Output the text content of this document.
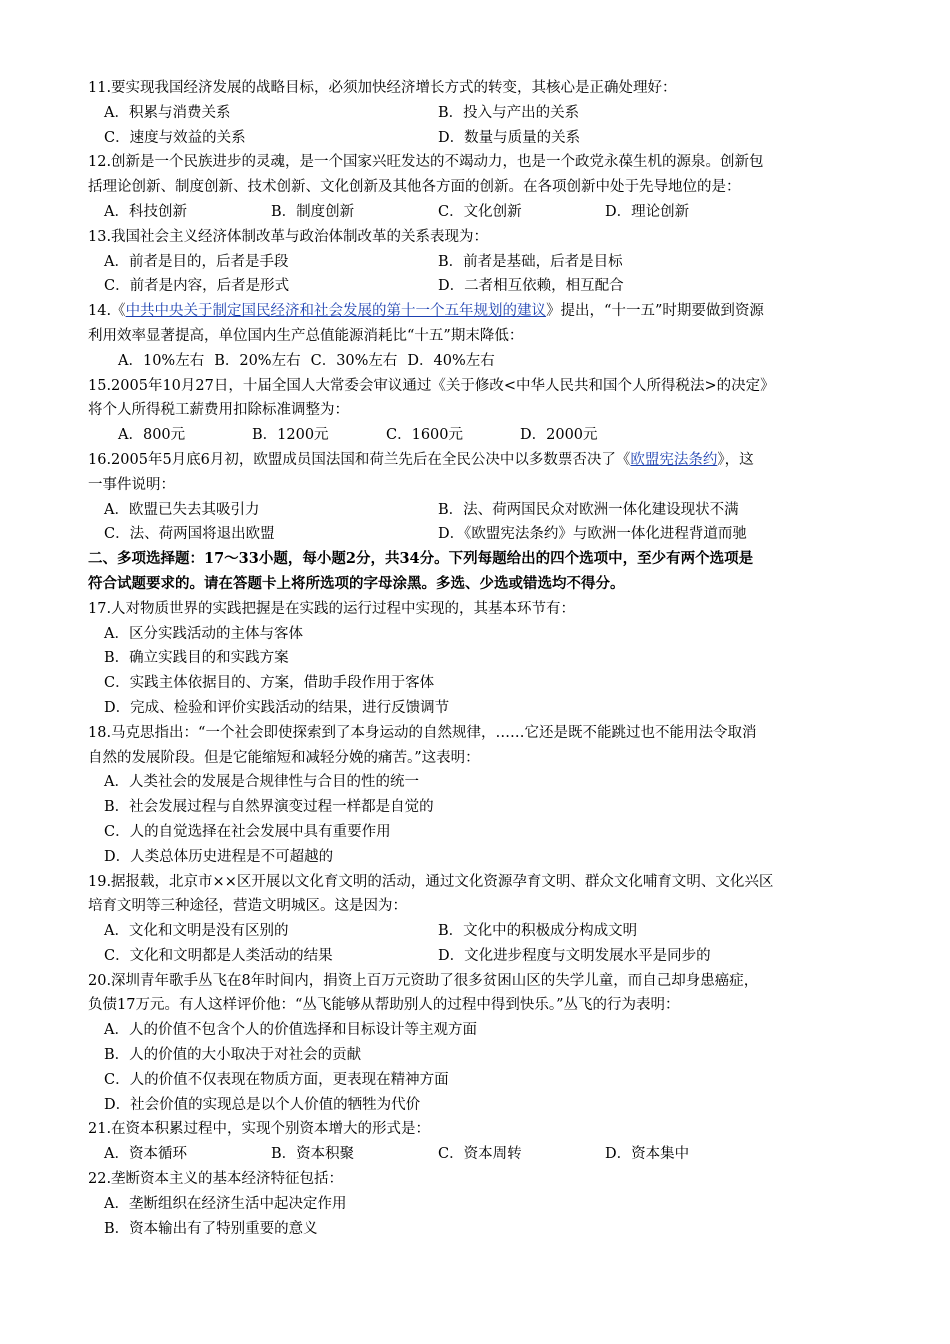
11.要实现我国经济发展的战略目标，必须加快经济增长方式的转变，其核心是正确处理好：
A．积累与消费关系	B．投入与产出的关系
C．速度与效益的关系	D．数量与质量的关系
12.创新是一个民族进步的灵魂，是一个国家兴旺发达的不竭动力，也是一个政党永葆生机的源泉。创新包
括理论创新、制度创新、技术创新、文化创新及其他各方面的创新。在各项创新中处于先导地位的是：
A．科技创新	B．制度创新	C．文化创新	D．理论创新
13.我国社会主义经济体制改革与政治体制改革的关系表现为：
A．前者是目的，后者是手段	B．前者是基础，后者是目标
C．前者是内容，后者是形式	D．二者相互依赖，相互配合
14.《中共中央关于制定国民经济和社会发展的第十一个五年规划的建议》提出，“十一五”时期要做到资源
利用效率显著提高，单位国内生产总值能源消耗比“十五”期末降低：
A．10%左右 B．20%左右 C．30%左右 D．40%左右
15.2005年10月27日，十届全国人大常委会审议通过《关于修改<中华人民共和国个人所得税法>的决定》
将个人所得税工薪费用扣除标准调整为：
A．800元	B．1200元	C．1600元	D．2000元
16.2005年5月底6月初，欧盟成员国法国和荷兰先后在全民公决中以多数票否决了《欧盟宪法条约》，这
一事件说明：
A．欧盟已失去其吸引力	B．法、荷两国民众对欧洲一体化建设现状不满
C．法、荷两国将退出欧盟	D．《欧盟宪法条约》与欧洲一体化进程背道而驰
二、多项选择题：17～33小题，每小题2分，共34分。下列每题给出的四个选项中，至少有两个选项是
符合试题要求的。请在答题卡上将所选项的字母涂黑。多选、少选或错选均不得分。
17.人对物质世界的实践把握是在实践的运行过程中实现的，其基本环节有：
A．区分实践活动的主体与客体
B．确立实践目的和实践方案
C．实践主体依据目的、方案，借助手段作用于客体
D．完成、检验和评价实践活动的结果，进行反馈调节
18.马克思指出：“一个社会即使探索到了本身运动的自然规律，……它还是既不能跳过也不能用法令取消
自然的发展阶段。但是它能缩短和减轻分娩的痛苦。”这表明：
A．人类社会的发展是合规律性与合目的性的统一
B．社会发展过程与自然界演变过程一样都是自觉的
C．人的自觉选择在社会发展中具有重要作用
D．人类总体历史进程是不可超越的
19.据报载，北京市××区开展以文化育文明的活动，通过文化资源孕育文明、群众文化哺育文明、文化兴区
培育文明等三种途径，营造文明城区。这是因为：
A．文化和文明是没有区别的	B．文化中的积极成分构成文明
C．文化和文明都是人类活动的结果	D．文化进步程度与文明发展水平是同步的
20.深圳青年歌手丛飞在8年时间内，捐资上百万元资助了很多贫困山区的失学儿童，而自己却身患癌症，
负债17万元。有人这样评价他：“丛飞能够从帮助别人的过程中得到快乐。”丛飞的行为表明：
A．人的价值不包含个人的价值选择和目标设计等主观方面
B．人的价值的大小取决于对社会的贡献
C．人的价值不仅表现在物质方面，更表现在精神方面
D．社会价值的实现总是以个人价值的牺牲为代价
21.在资本积累过程中，实现个别资本增大的形式是：
A．资本循环	B．资本积聚	C．资本周转	D．资本集中
22.垄断资本主义的基本经济特征包括：
A．垄断组织在经济生活中起决定作用
B．资本输出有了特别重要的意义
